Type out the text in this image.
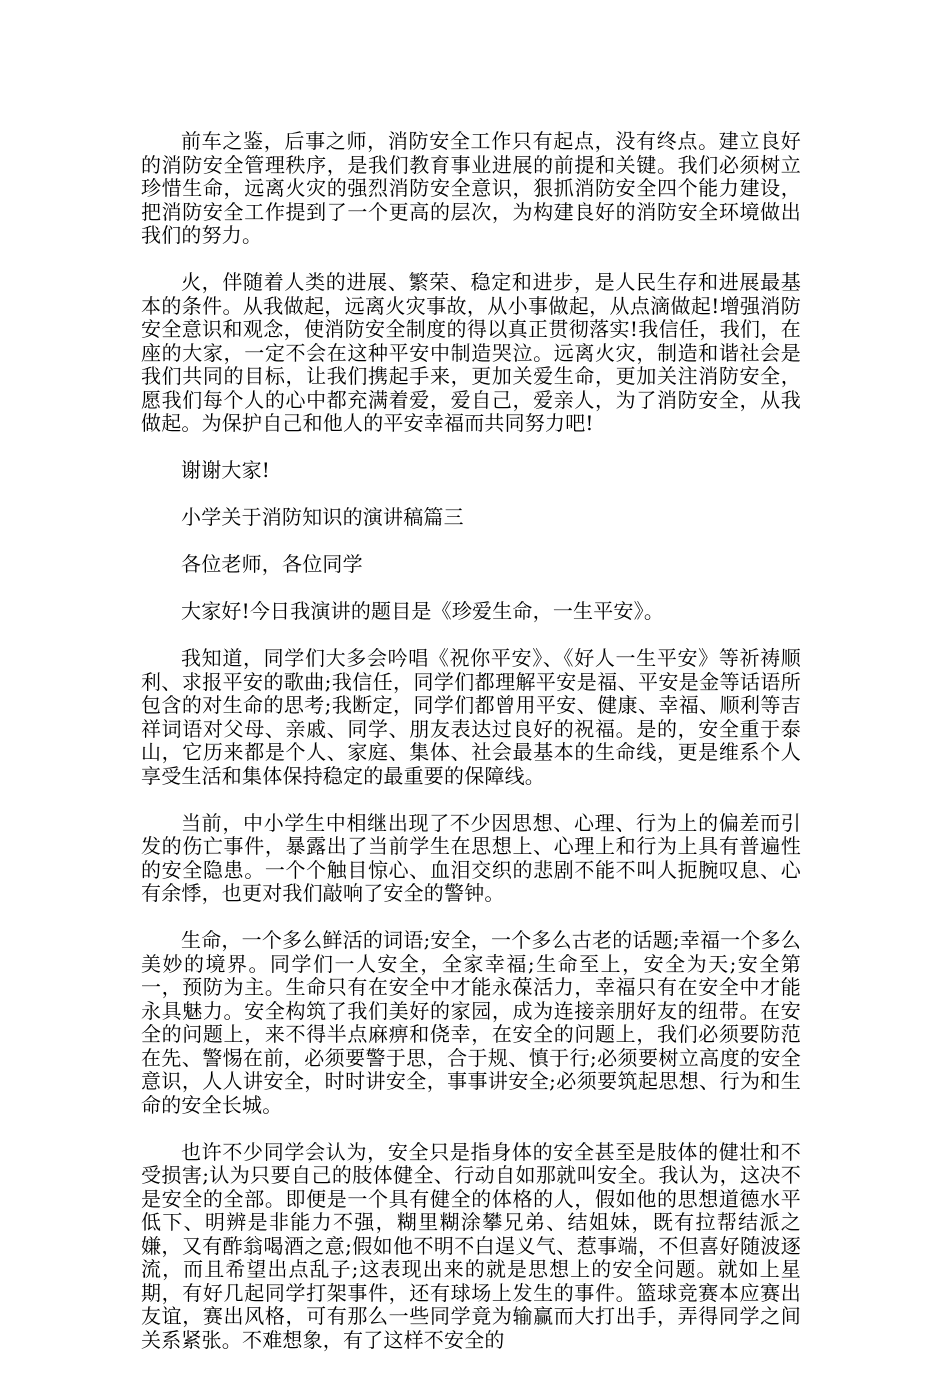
前车之鉴，后事之师，消防安全工作只有起点，没有终点。建立良好的消防安全管理秩序，是我们教育事业进展的前提和关键。我们必须树立珍惜生命，远离火灾的强烈消防安全意识，狠抓消防安全四个能力建设，把消防安全工作提到了一个更高的层次，为构建良好的消防安全环境做出我们的努力。

火，伴随着人类的进展、繁荣、稳定和进步，是人民生存和进展最基本的条件。从我做起，远离火灾事故，从小事做起，从点滴做起!增强消防安全意识和观念，使消防安全制度的得以真正贯彻落实!我信任，我们，在座的大家，一定不会在这种平安中制造哭泣。远离火灾，制造和谐社会是我们共同的目标，让我们携起手来，更加关爱生命，更加关注消防安全，愿我们每个人的心中都充满着爱，爱自己，爱亲人，为了消防安全，从我做起。为保护自己和他人的平安幸福而共同努力吧!

谢谢大家!

小学关于消防知识的演讲稿篇三

各位老师，各位同学

大家好!今日我演讲的题目是《珍爱生命，一生平安》。

我知道，同学们大多会吟唱《祝你平安》、《好人一生平安》等祈祷顺利、求报平安的歌曲;我信任，同学们都理解平安是福、平安是金等话语所包含的对生命的思考;我断定，同学们都曾用平安、健康、幸福、顺利等吉祥词语对父母、亲戚、同学、朋友表达过良好的祝福。是的，安全重于泰山，它历来都是个人、家庭、集体、社会最基本的生命线，更是维系个人享受生活和集体保持稳定的最重要的保障线。

当前，中小学生中相继出现了不少因思想、心理、行为上的偏差而引发的伤亡事件，暴露出了当前学生在思想上、心理上和行为上具有普遍性的安全隐患。一个个触目惊心、血泪交织的悲剧不能不叫人扼腕叹息、心有余悸，也更对我们敲响了安全的警钟。

生命，一个多么鲜活的词语;安全，一个多么古老的话题;幸福一个多么美妙的境界。同学们一人安全，全家幸福;生命至上，安全为天;安全第一，预防为主。生命只有在安全中才能永葆活力，幸福只有在安全中才能永具魅力。安全构筑了我们美好的家园，成为连接亲朋好友的纽带。在安全的问题上，来不得半点麻痹和侥幸，在安全的问题上，我们必须要防范在先、警惕在前，必须要警于思，合于规、慎于行;必须要树立高度的安全意识，人人讲安全，时时讲安全，事事讲安全;必须要筑起思想、行为和生命的安全长城。

也许不少同学会认为，安全只是指身体的安全甚至是肢体的健壮和不受损害;认为只要自己的肢体健全、行动自如那就叫安全。我认为，这决不是安全的全部。即便是一个具有健全的体格的人，假如他的思想道德水平低下、明辨是非能力不强，糊里糊涂攀兄弟、结姐妹，既有拉帮结派之嫌，又有酢翁喝酒之意;假如他不明不白逞义气、惹事端，不但喜好随波逐流，而且希望出点乱子;这表现出来的就是思想上的安全问题。就如上星期，有好几起同学打架事件，还有球场上发生的事件。篮球竞赛本应赛出友谊，赛出风格，可有那么一些同学竟为输赢而大打出手，弄得同学之间关系紧张。不难想象，有了这样不安全的
